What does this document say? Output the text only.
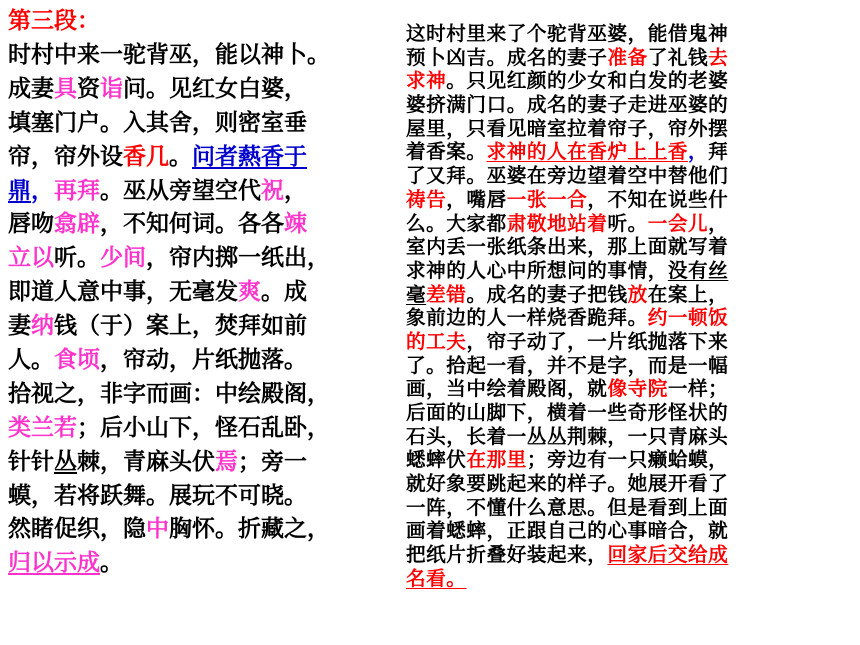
第三段：
时村中来一驼背巫，能以神卜。
成妻具资诣问。见红女白婆，
填塞门户。入其舍，则密室垂
帘，帘外设香几。问者爇香于
鼎，再拜。巫从旁望空代祝，
唇吻翕辟，不知何词。各各竦
立以听。少间，帘内掷一纸出，
即道人意中事，无毫发爽。成
妻纳钱（于）案上，焚拜如前
人。食顷，帘动，片纸抛落。
拾视之，非字而画：中绘殿阁，
类兰若；后小山下，怪石乱卧，
针针丛棘，青麻头伏焉；旁一
蟆，若将跃舞。展玩不可晓。
然睹促织，隐中胸怀。折藏之，
归以示成。
这时村里来了个驼背巫婆，能借鬼神
预卜凶吉。成名的妻子准备了礼钱去
求神。只见红颜的少女和白发的老婆
婆挤满门口。成名的妻子走进巫婆的
屋里，只看见暗室拉着帘子，帘外摆
着香案。求神的人在香炉上上香，拜
了又拜。巫婆在旁边望着空中替他们
祷告，嘴唇一张一合，不知在说些什
么。大家都肃敬地站着听。一会儿，
室内丢一张纸条出来，那上面就写着
求神的人心中所想问的事情，没有丝
毫差错。成名的妻子把钱放在案上，
象前边的人一样烧香跪拜。约一顿饭
的工夫，帘子动了，一片纸抛落下来
了。拾起一看，并不是字，而是一幅
画，当中绘着殿阁，就像寺院一样；
后面的山脚下，横着一些奇形怪状的
石头，长着一丛丛荆棘，一只青麻头
蟋蟀伏在那里；旁边有一只癞蛤蟆，
就好象要跳起来的样子。她展开看了
一阵，不懂什么意思。但是看到上面
画着蟋蟀，正跟自己的心事暗合，就
把纸片折叠好装起来，回家后交给成
名看。
